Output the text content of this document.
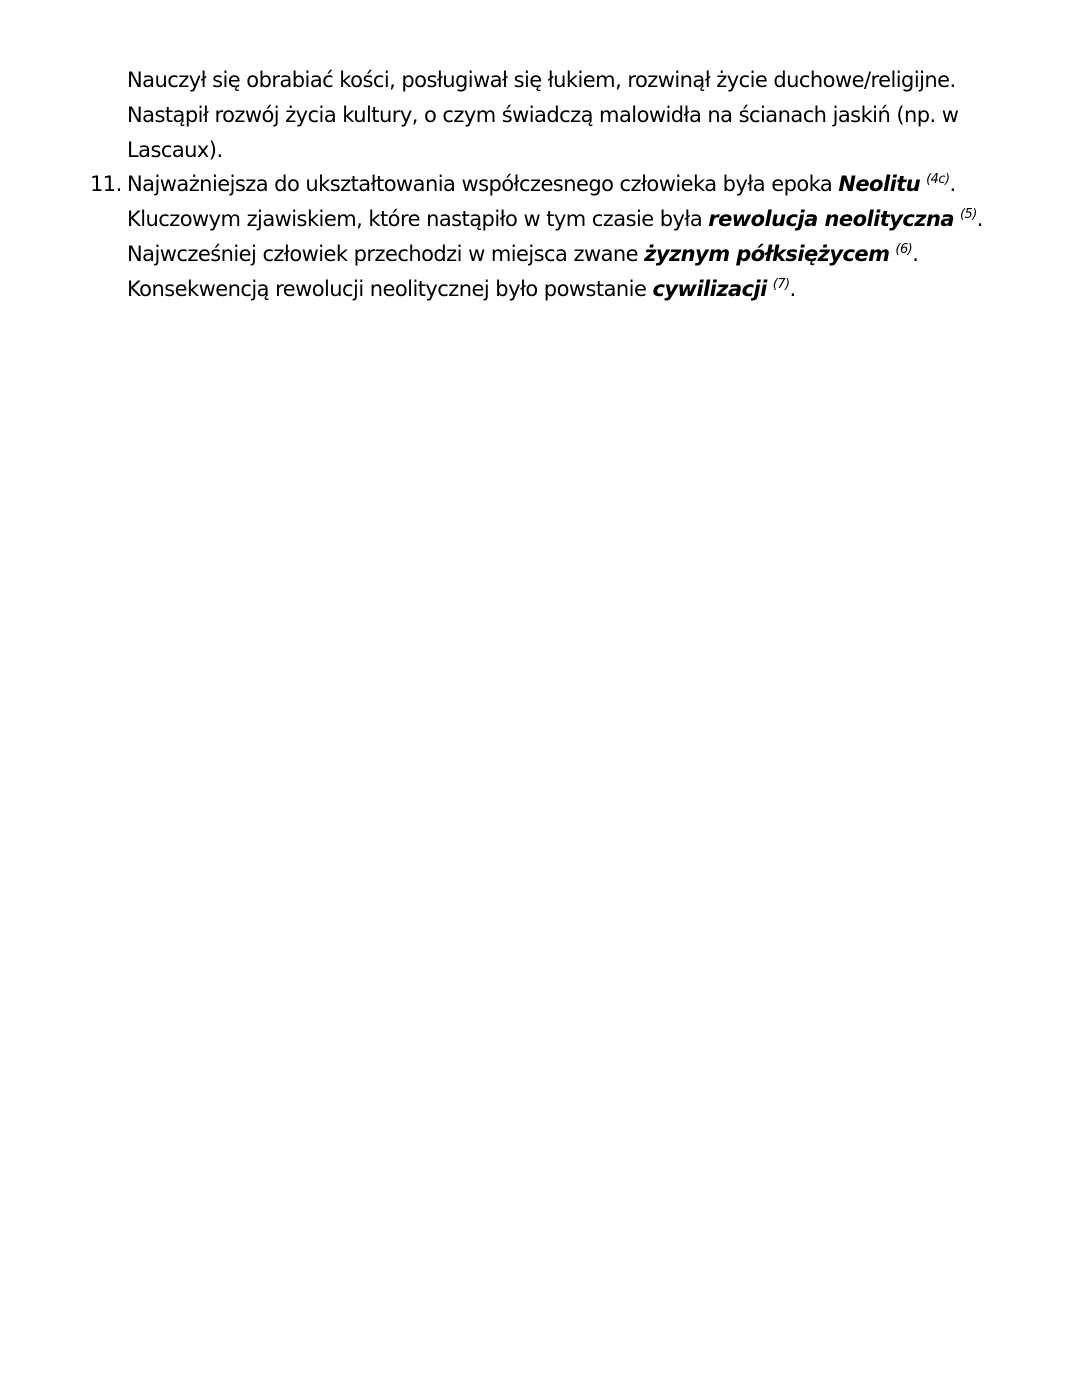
Nauczył się obrabiać kości, posługiwał się łukiem, rozwinął życie duchowe/religijne.
Nastąpił rozwój życia kultury, o czym świadczą malowidła na ścianach jaskiń (np. w
Lascaux).

11. Najważniejsza do ukształtowania współczesnego człowieka była epoka Neolitu $^{(4c)}$.
Kluczowym zjawiskiem, które nastąpiło w tym czasie była rewolucja neolityczna $^{(5)}$.
Najwcześniej człowiek przechodzi w miejsca zwane żyznym półksiężycem $^{(6)}$.
Konsekwencją rewolucji neolitycznej było powstanie cywilizacji $^{(7)}$.
